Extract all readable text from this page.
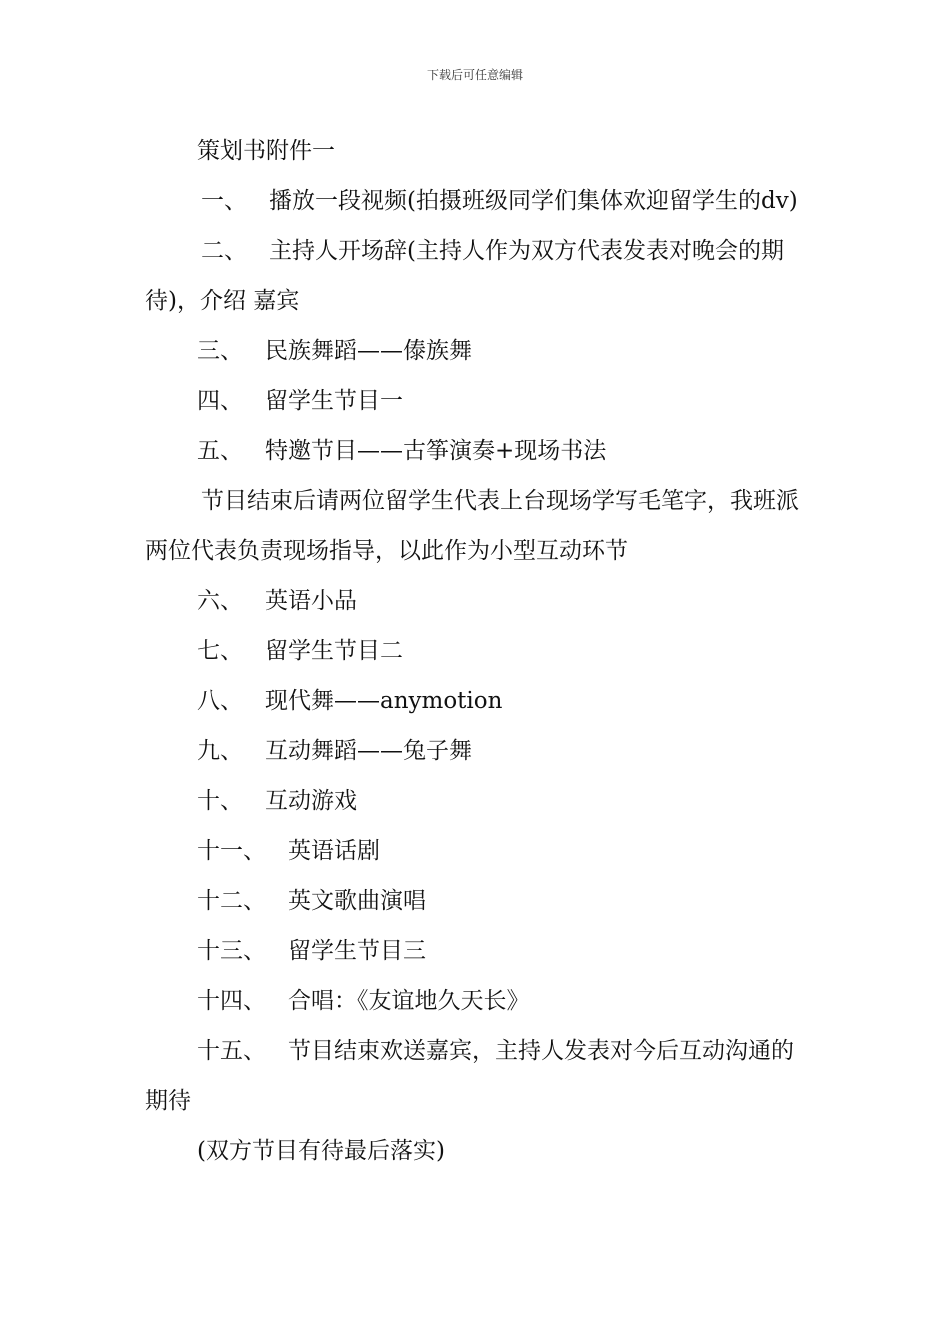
下载后可任意编辑

策划书附件一

一、 播放一段视频(拍摄班级同学们集体欢迎留学生的dv)

二、 主持人开场辞(主持人作为双方代表发表对晚会的期待)，介绍 嘉宾

三、 民族舞蹈——傣族舞

四、 留学生节目一

五、 特邀节目——古筝演奏+现场书法

节目结束后请两位留学生代表上台现场学写毛笔字，我班派两位代表负责现场指导，以此作为小型互动环节

六、 英语小品

七、 留学生节目二

八、 现代舞——anymotion

九、 互动舞蹈——兔子舞

十、 互动游戏

十一、 英语话剧

十二、 英文歌曲演唱

十三、 留学生节目三

十四、 合唱：《友谊地久天长》

十五、 节目结束欢送嘉宾，主持人发表对今后互动沟通的期待

(双方节目有待最后落实)
